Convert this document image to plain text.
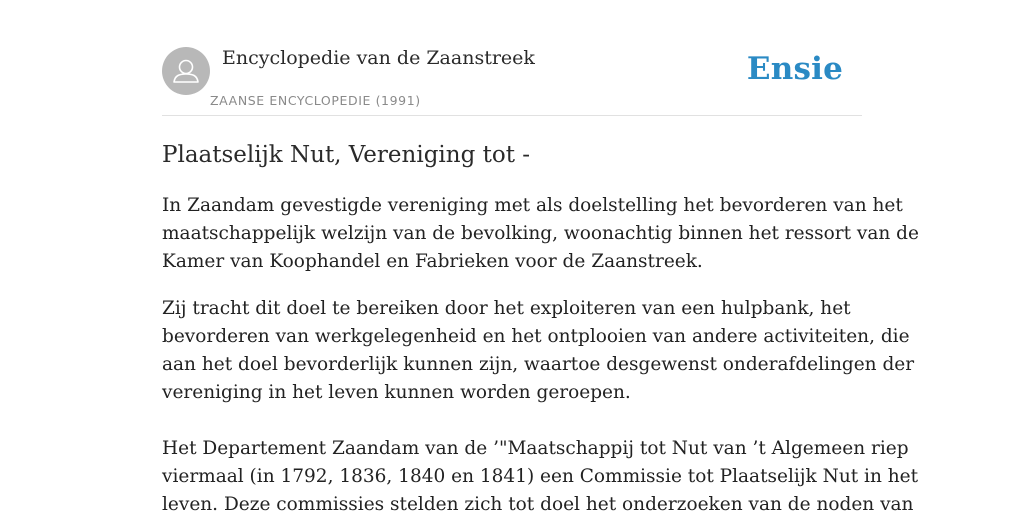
Encyclopedie van de Zaanstreek
ZAANSE ENCYCLOPEDIE (1991)
Ensie
Plaatselijk Nut, Vereniging tot -

In Zaandam gevestigde vereniging met als doelstelling het bevorderen van het

maatschappelijk welzijn van de bevolking, woonachtig binnen het ressort van de

Kamer van Koophandel en Fabrieken voor de Zaanstreek.

Zij tracht dit doel te bereiken door het exploiteren van een hulpbank, het

bevorderen van werkgelegenheid en het ontplooien van andere activiteiten, die

aan het doel bevorderlijk kunnen zijn, waartoe desgewenst onderafdelingen der

vereniging in het leven kunnen worden geroepen.

Het Departement Zaandam van de ’"Maatschappij tot Nut van ’t Algemeen riep

viermaal (in 1792, 1836, 1840 en 1841) een Commissie tot Plaatselijk Nut in het

leven. Deze commissies stelden zich tot doel het onderzoeken van de noden van
